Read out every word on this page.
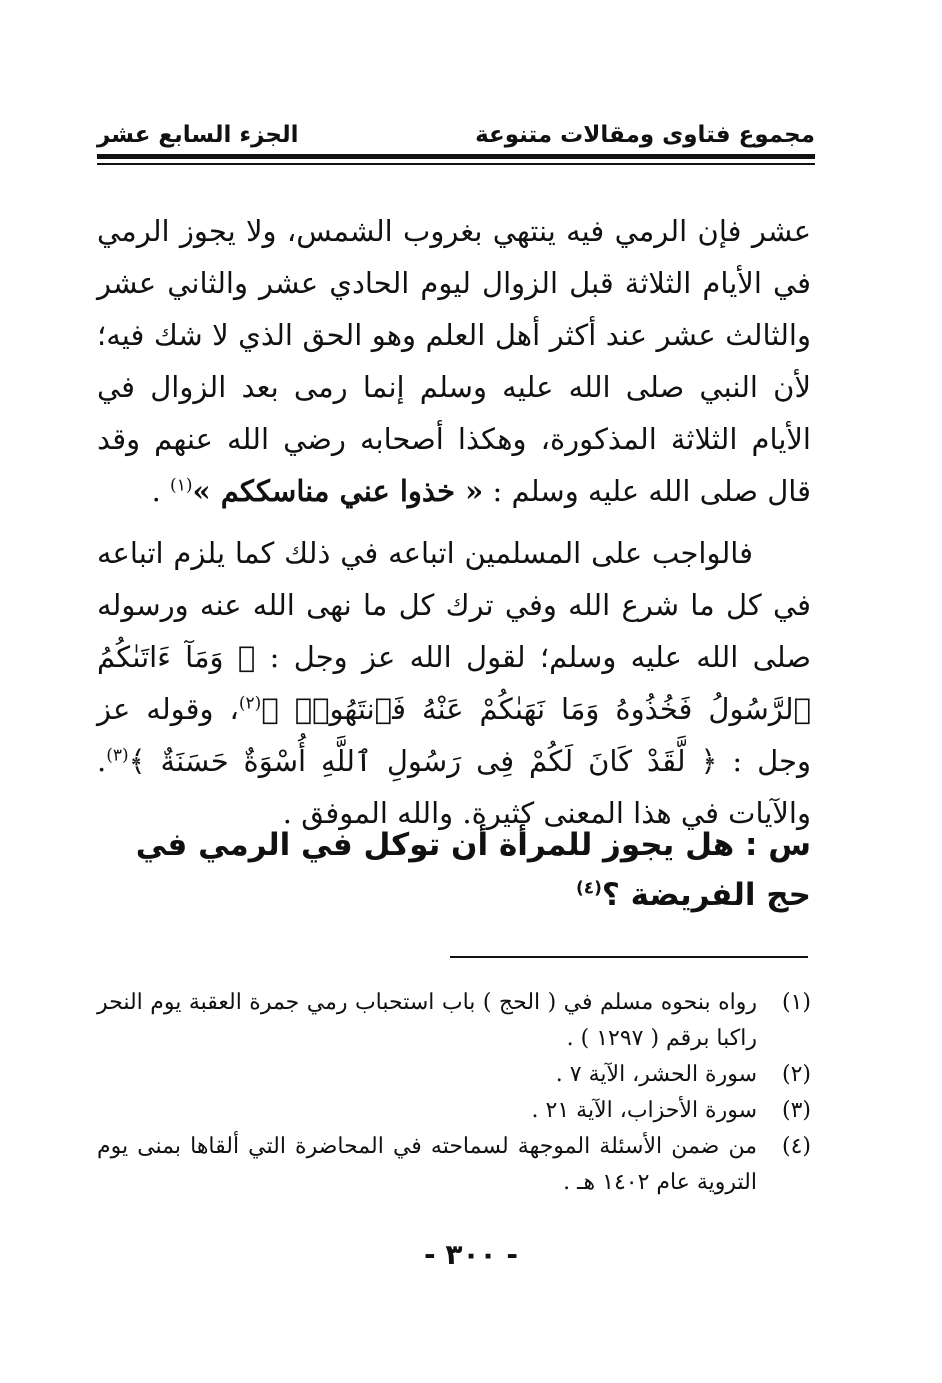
مجموع فتاوى ومقالات متنوعة
الجزء السابع عشر

عشر فإن الرمي فيه ينتهي بغروب الشمس، ولا يجوز الرمي في الأيام الثلاثة قبل الزوال ليوم الحادي عشر والثاني عشر والثالث عشر عند أكثر أهل العلم وهو الحق الذي لا شك فيه؛ لأن النبي صلى الله عليه وسلم إنما رمى بعد الزوال في الأيام الثلاثة المذكورة، وهكذا أصحابه رضي الله عنهم وقد قال صلى الله عليه وسلم : « خذوا عني مناسككم »$^{(١)}$ .

فالواجب على المسلمين اتباعه في ذلك كما يلزم اتباعه في كل ما شرع الله وفي ترك كل ما نهى الله عنه ورسوله صلى الله عليه وسلم؛ لقول الله عز وجل : ﴿ وَمَآ ءَاتَىٰكُمُ ٱلرَّسُولُ فَخُذُوهُ وَمَا نَهَىٰكُمْ عَنْهُ فَٱنتَهُوا۟ ﴾$^{(٢)}$، وقوله عز وجل : ﴿ لَّقَدْ كَانَ لَكُمْ فِى رَسُولِ ٱللَّهِ أُسْوَةٌ حَسَنَةٌ ﴾$^{(٣)}$. والآيات في هذا المعنى كثيرة. والله الموفق .

س : هل يجوز للمرأة أن توكل في الرمي في حج الفريضة ؟$^{(٤)}$
(١)
رواه بنحوه مسلم في ( الحج ) باب استحباب رمي جمرة العقبة يوم النحر راكبا برقم ( ١٢٩٧ ) .
(٢)
سورة الحشر، الآية ٧ .
(٣)
سورة الأحزاب، الآية ٢١ .
(٤)
من ضمن الأسئلة الموجهة لسماحته في المحاضرة التي ألقاها بمنى يوم التروية عام ١٤٠٢ هـ .
- ٣٠٠ -
